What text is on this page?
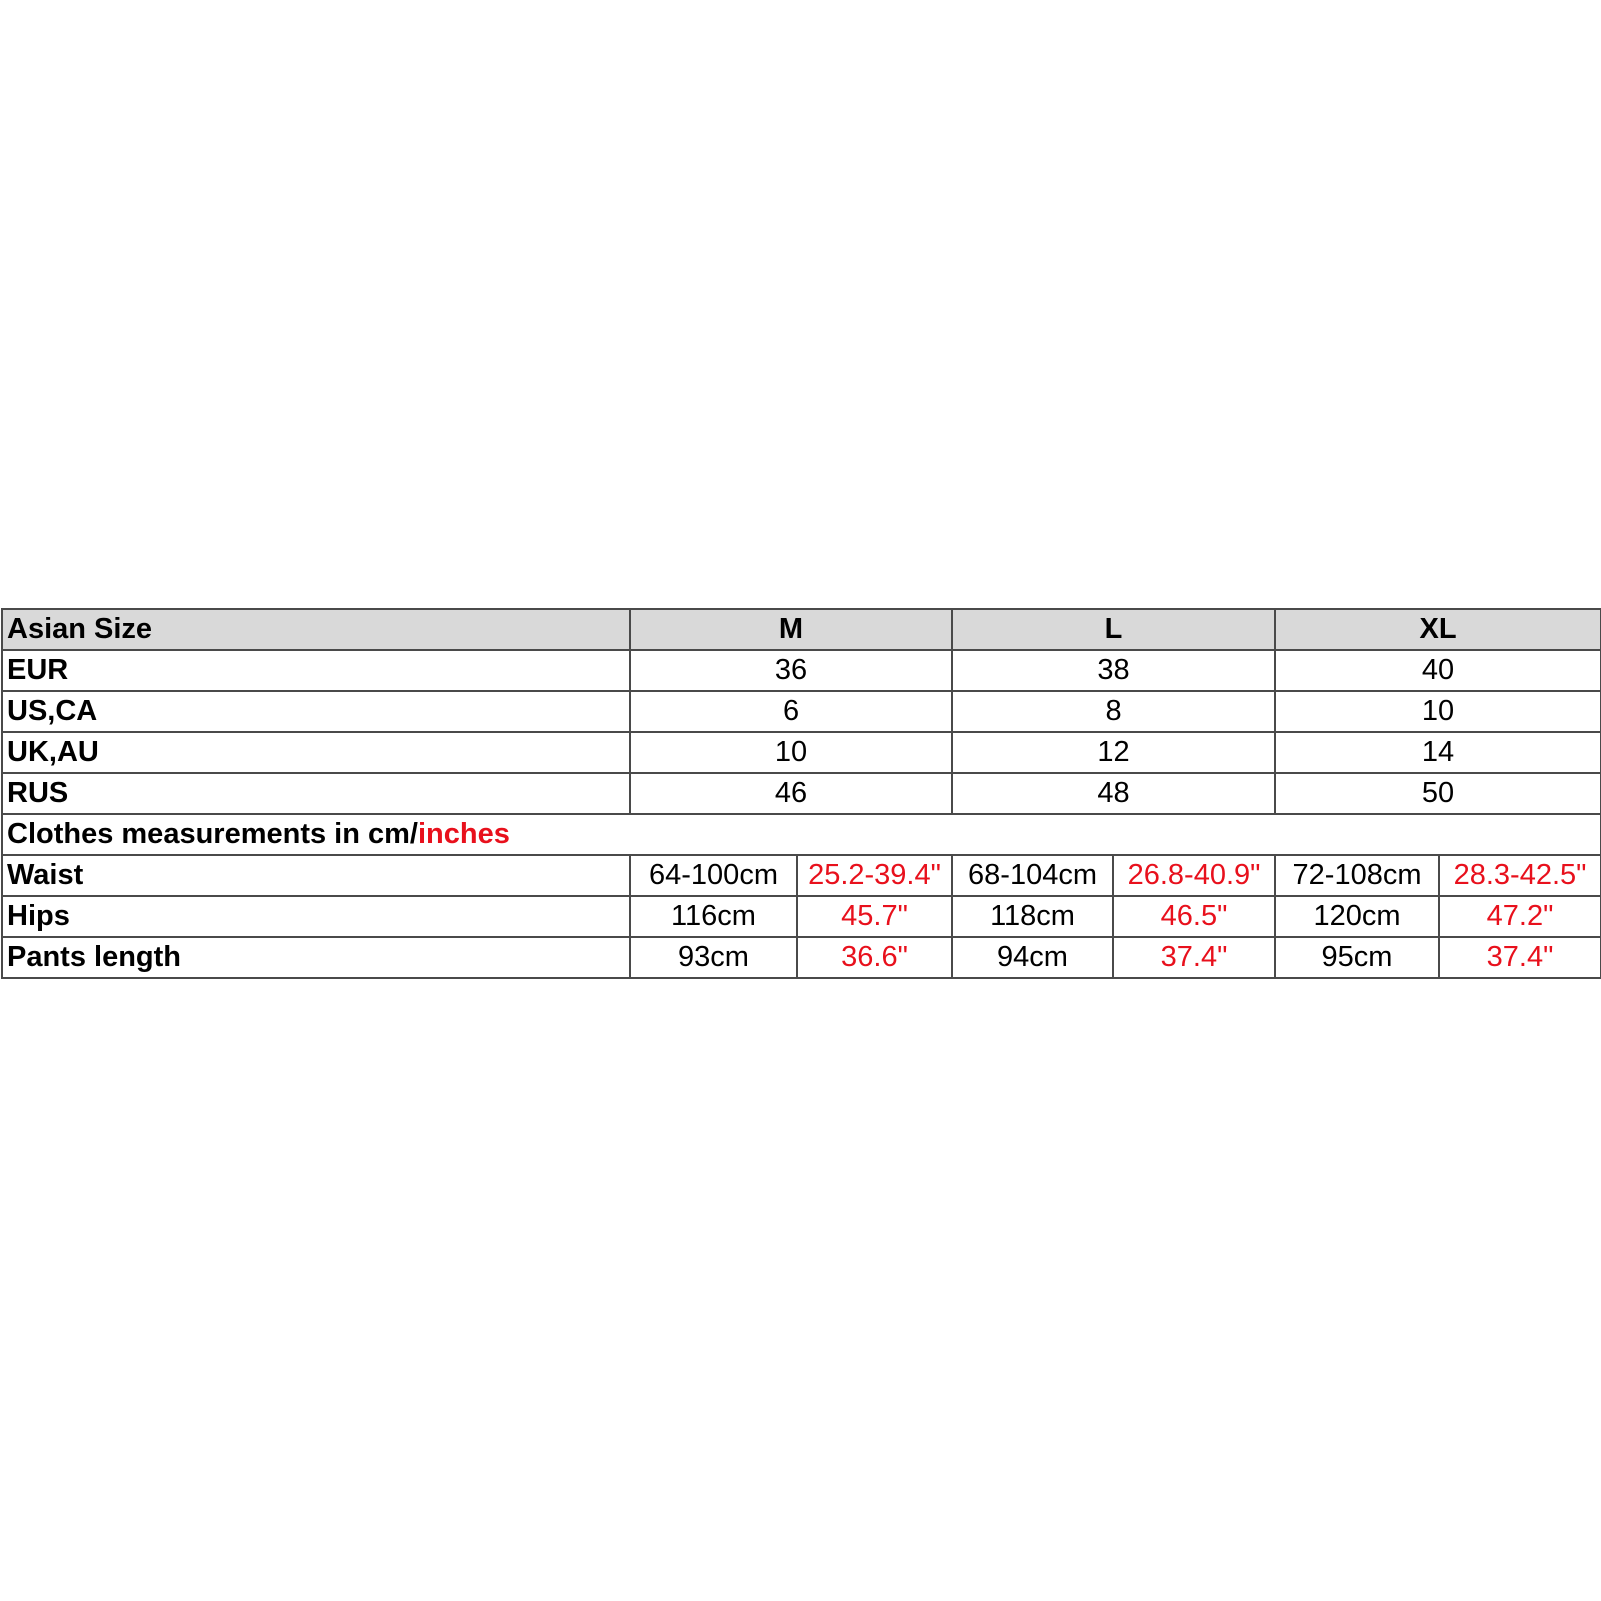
Asian Size	M		L		XL	
EUR	36		38		40	
US,CA	6		8		10	
UK,AU	10		12		14	
RUS	46		48		50	
Clothes measurements in cm/inches						
Waist	64-100cm	25.2-39.4"	68-104cm	26.8-40.9"	72-108cm	28.3-42.5"
Hips	116cm	45.7"	118cm	46.5"	120cm	47.2"
Pants length	93cm	36.6"	94cm	37.4"	95cm	37.4"
